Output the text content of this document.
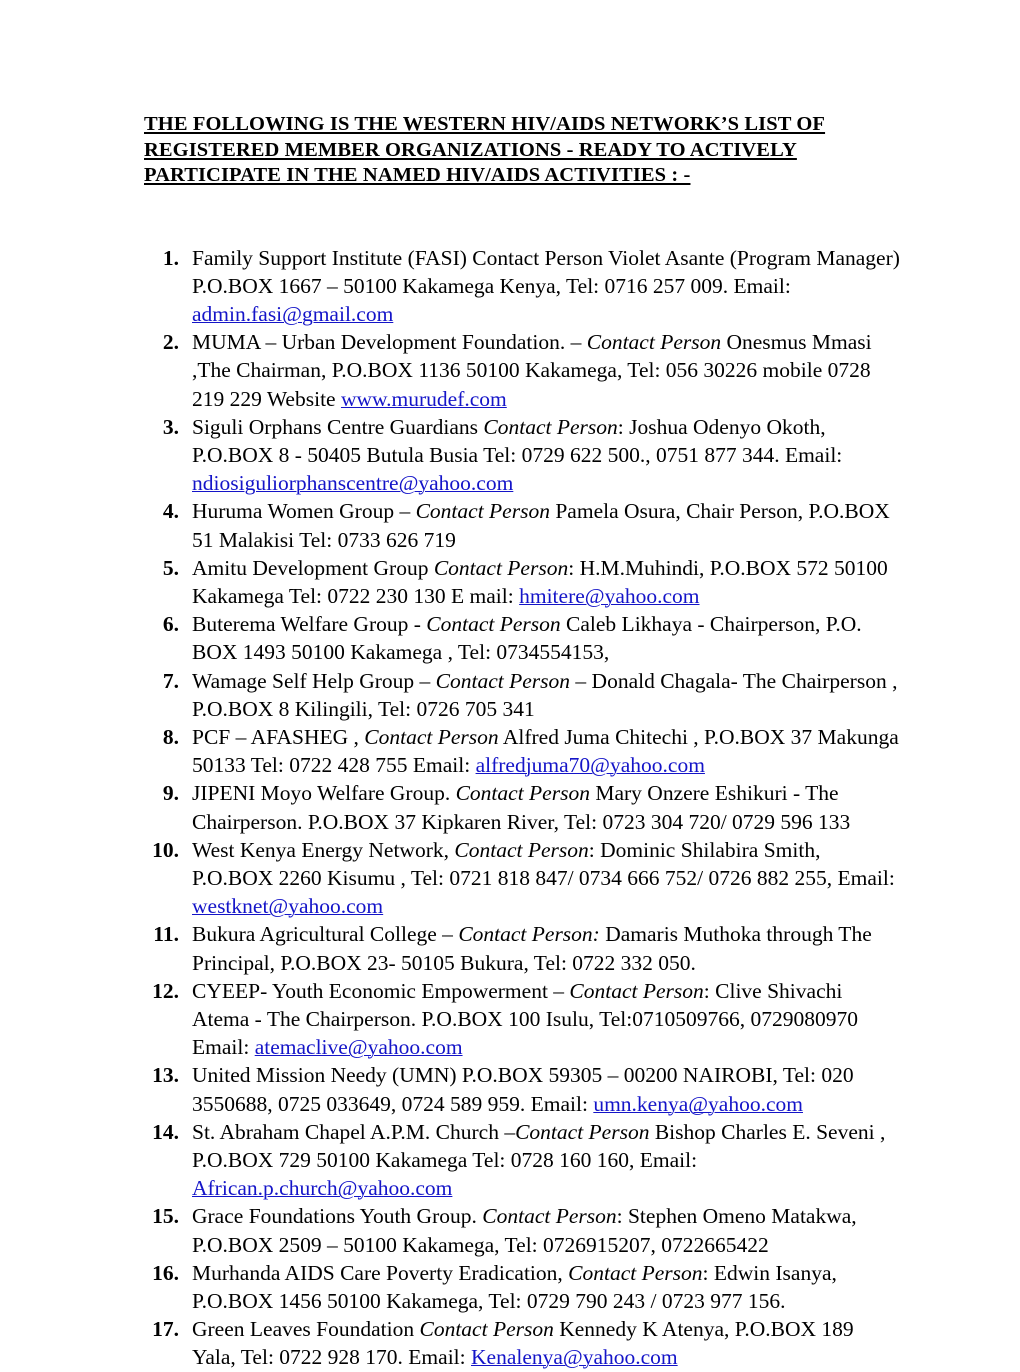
THE FOLLOWING IS THE WESTERN HIV/AIDS NETWORK’S LIST OF
REGISTERED MEMBER ORGANIZATIONS - READY TO ACTIVELY
PARTICIPATE IN THE NAMED HIV/AIDS ACTIVITIES : -
1. Family Support Institute (FASI) Contact Person Violet Asante (Program Manager) P.O.BOX 1667 – 50100 Kakamega Kenya, Tel: 0716 257 009. Email: admin.fasi@gmail.com
2. MUMA – Urban Development Foundation. – Contact Person Onesmus Mmasi ,The Chairman, P.O.BOX 1136 50100 Kakamega, Tel: 056 30226 mobile 0728 219 229 Website www.murudef.com
3. Siguli Orphans Centre Guardians Contact Person: Joshua Odenyo Okoth, P.O.BOX 8 - 50405 Butula Busia Tel: 0729 622 500., 0751 877 344. Email: ndiosiguliorphanscentre@yahoo.com
4. Huruma Women Group – Contact Person Pamela Osura, Chair Person, P.O.BOX 51 Malakisi Tel: 0733 626 719
5. Amitu Development Group Contact Person: H.M.Muhindi, P.O.BOX 572 50100 Kakamega Tel: 0722 230 130 E mail: hmitere@yahoo.com
6. Buterema Welfare Group - Contact Person Caleb Likhaya - Chairperson, P.O. BOX 1493 50100 Kakamega , Tel: 0734554153,
7. Wamage Self Help Group – Contact Person – Donald Chagala- The Chairperson , P.O.BOX 8 Kilingili, Tel: 0726 705 341
8. PCF – AFASHEG , Contact Person Alfred Juma Chitechi , P.O.BOX 37 Makunga 50133 Tel: 0722 428 755 Email: alfredjuma70@yahoo.com
9. JIPENI Moyo Welfare Group. Contact Person Mary Onzere Eshikuri - The Chairperson. P.O.BOX 37 Kipkaren River, Tel: 0723 304 720/ 0729 596 133
10. West Kenya Energy Network, Contact Person: Dominic Shilabira Smith, P.O.BOX 2260 Kisumu , Tel: 0721 818 847/ 0734 666 752/ 0726 882 255, Email: westknet@yahoo.com
11. Bukura Agricultural College – Contact Person: Damaris Muthoka through The Principal, P.O.BOX 23- 50105 Bukura, Tel: 0722 332 050.
12. CYEEP- Youth Economic Empowerment – Contact Person: Clive Shivachi Atema - The Chairperson. P.O.BOX 100 Isulu, Tel:0710509766, 0729080970 Email: atemaclive@yahoo.com
13. United Mission Needy (UMN) P.O.BOX 59305 – 00200 NAIROBI, Tel: 020 3550688, 0725 033649, 0724 589 959. Email: umn.kenya@yahoo.com
14. St. Abraham Chapel A.P.M. Church –Contact Person Bishop Charles E. Seveni , P.O.BOX 729 50100 Kakamega Tel: 0728 160 160, Email: African.p.church@yahoo.com
15. Grace Foundations Youth Group. Contact Person: Stephen Omeno Matakwa, P.O.BOX 2509 – 50100 Kakamega, Tel: 0726915207, 0722665422
16. Murhanda AIDS Care Poverty Eradication, Contact Person: Edwin Isanya, P.O.BOX 1456 50100 Kakamega, Tel: 0729 790 243 / 0723 977 156.
17. Green Leaves Foundation Contact Person Kennedy K Atenya, P.O.BOX 189 Yala, Tel: 0722 928 170. Email: Kenalenya@yahoo.com
